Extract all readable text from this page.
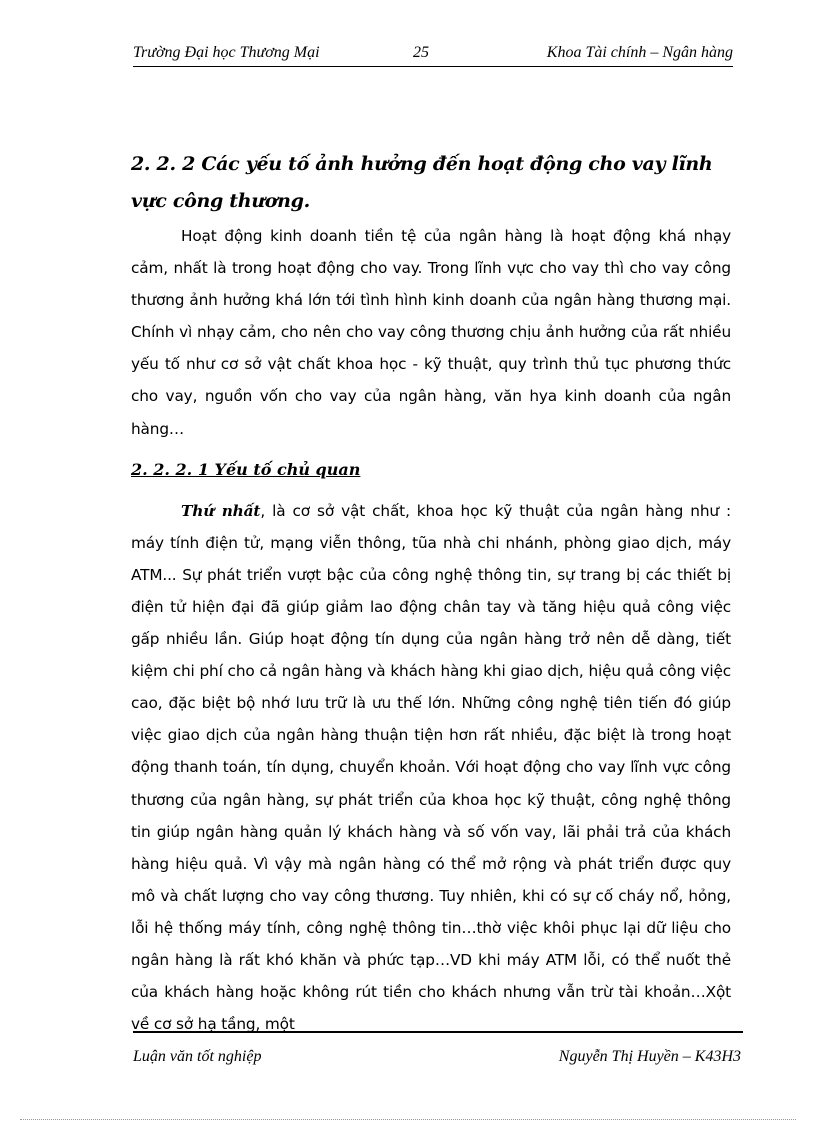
Trường Đại học Thương Mại	25	Khoa Tài chính – Ngân hàng
2. 2. 2 Các yếu tố ảnh hưởng đến hoạt động cho vay lĩnh vực công thương.

Hoạt động kinh doanh tiền tệ của ngân hàng là hoạt động khá nhạy cảm, nhất là trong hoạt động cho vay. Trong lĩnh vực cho vay thì cho vay công thương ảnh hưởng khá lớn tới tình hình kinh doanh của ngân hàng thương mại. Chính vì nhạy cảm, cho nên cho vay công thương chịu ảnh hưởng của rất nhiều yếu tố như cơ sở vật chất khoa học - kỹ thuật, quy trình thủ tục phương thức cho vay, nguồn vốn cho vay của ngân hàng, văn hya kinh doanh của ngân hàng…

2. 2. 2. 1 Yếu tố chủ quan

Thứ nhất, là cơ sở vật chất, khoa học kỹ thuật của ngân hàng như : máy tính điện tử, mạng viễn thông, tũa nhà chi nhánh, phòng giao dịch, máy ATM... Sự phát triển vượt bậc của công nghệ thông tin, sự trang bị các thiết bị điện tử hiện đại đã giúp giảm lao động chân tay và tăng hiệu quả công việc gấp nhiều lần. Giúp hoạt động tín dụng của ngân hàng trở nên dễ dàng, tiết kiệm chi phí cho cả ngân hàng và khách hàng khi giao dịch, hiệu quả công việc cao, đặc biệt bộ nhớ lưu trữ là ưu thế lớn. Những công nghệ tiên tiến đó giúp việc giao dịch của ngân hàng thuận tiện hơn rất nhiều, đặc biệt là trong hoạt động thanh toán, tín dụng, chuyển khoản. Với hoạt động cho vay lĩnh vực công thương của ngân hàng, sự phát triển của khoa học kỹ thuật, công nghệ thông tin giúp ngân hàng quản lý khách hàng và số vốn vay, lãi phải trả của khách hàng hiệu quả. Vì vậy mà ngân hàng có thể mở rộng và phát triển được quy mô và chất lượng cho vay công thương. Tuy nhiên, khi có sự cố cháy nổ, hỏng, lỗi hệ thống máy tính, công nghệ thông tin…thờ việc khôi phục lại dữ liệu cho ngân hàng là rất khó khăn và phức tạp…VD khi máy ATM lỗi, có thể nuốt thẻ của khách hàng hoặc không rút tiền cho khách nhưng vẫn trừ tài khoản…Xột về cơ sở hạ tầng, một

Luận văn tốt nghiệp	Nguyễn Thị Huyền – K43H3
